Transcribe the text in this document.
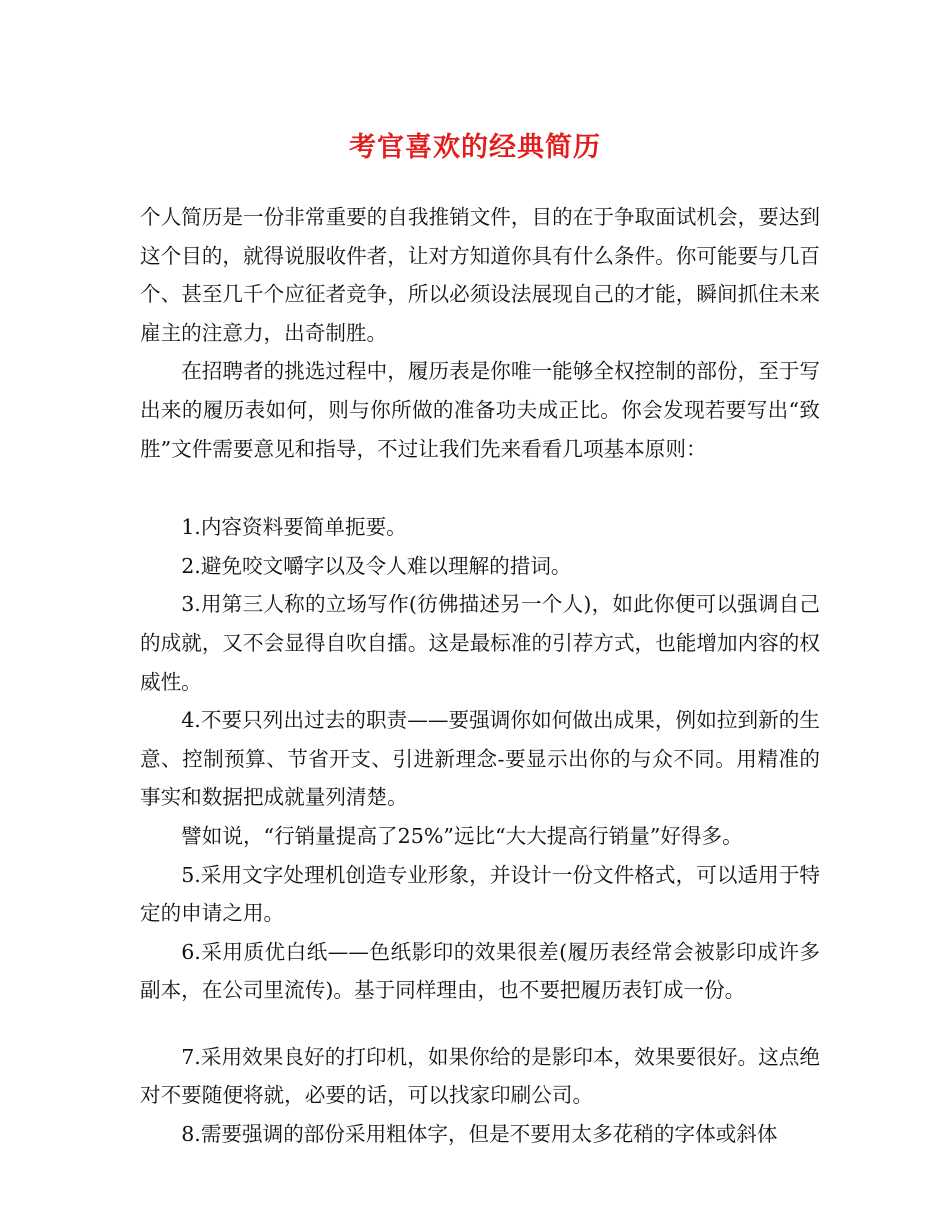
考官喜欢的经典简历

个人简历是一份非常重要的自我推销文件，目的在于争取面试机会，要达到这个目的，就得说服收件者，让对方知道你具有什么条件。你可能要与几百个、甚至几千个应征者竞争，所以必须设法展现自己的才能，瞬间抓住未来雇主的注意力，出奇制胜。

在招聘者的挑选过程中，履历表是你唯一能够全权控制的部份，至于写出来的履历表如何，则与你所做的准备功夫成正比。你会发现若要写出“致胜”文件需要意见和指导，不过让我们先来看看几项基本原则：

1.内容资料要简单扼要。

2.避免咬文嚼字以及令人难以理解的措词。

3.用第三人称的立场写作(彷佛描述另一个人)，如此你便可以强调自己的成就，又不会显得自吹自擂。这是最标准的引荐方式，也能增加内容的权威性。

4.不要只列出过去的职责——要强调你如何做出成果，例如拉到新的生意、控制预算、节省开支、引进新理念-要显示出你的与众不同。用精准的事实和数据把成就量列清楚。

譬如说，“行销量提高了25%”远比“大大提高行销量”好得多。

5.采用文字处理机创造专业形象，并设计一份文件格式，可以适用于特定的申请之用。

6.采用质优白纸——色纸影印的效果很差(履历表经常会被影印成许多副本，在公司里流传)。基于同样理由，也不要把履历表钉成一份。

7.采用效果良好的打印机，如果你给的是影印本，效果要很好。这点绝对不要随便将就，必要的话，可以找家印刷公司。

8.需要强调的部份采用粗体字，但是不要用太多花稍的字体或斜体
